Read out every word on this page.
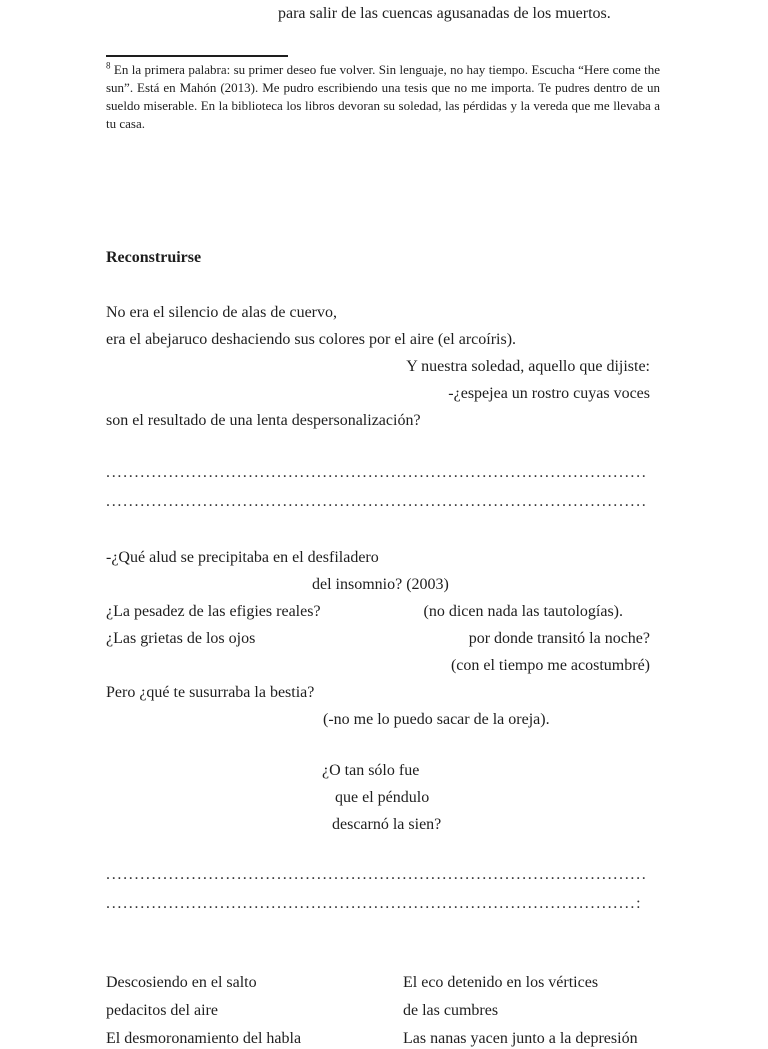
para salir de las cuencas agusanadas de los muertos.
$^8$ En la primera palabra: su primer deseo fue volver. Sin lenguaje, no hay tiempo. Escucha “Here come the sun”. Está en Mahón (2013). Me pudro escribiendo una tesis que no me importa. Te pudres dentro de un sueldo miserable. En la biblioteca los libros devoran su soledad, las pérdidas y la vereda que me llevaba a tu casa.
Reconstruirse
No era el silencio de alas de cuervo,
era el abejaruco deshaciendo sus colores por el aire (el arcoíris).
Y nuestra soledad, aquello que dijiste:
-¿espejea un rostro cuyas voces
son el resultado de una lenta despersonalización?
...............................................................................................
...............................................................................................
-¿Qué alud se precipitaba en el desfiladero
del insomnio? (2003)
¿La pesadez de las efigies reales?	(no dicen nada las tautologías).
¿Las grietas de los ojos	por donde transitó la noche?
(con el tiempo me acostumbré)
Pero ¿qué te susurraba la bestia?
(-no me lo puedo sacar de la oreja).
¿O tan sólo fue
que el péndulo
descarnó la sien?
...............................................................................................
.............................................................................................:
Descosiendo en el salto	El eco detenido en los vértices
pedacitos del aire	de las cumbres
El desmoronamiento del habla	Las nanas yacen junto a la depresión
